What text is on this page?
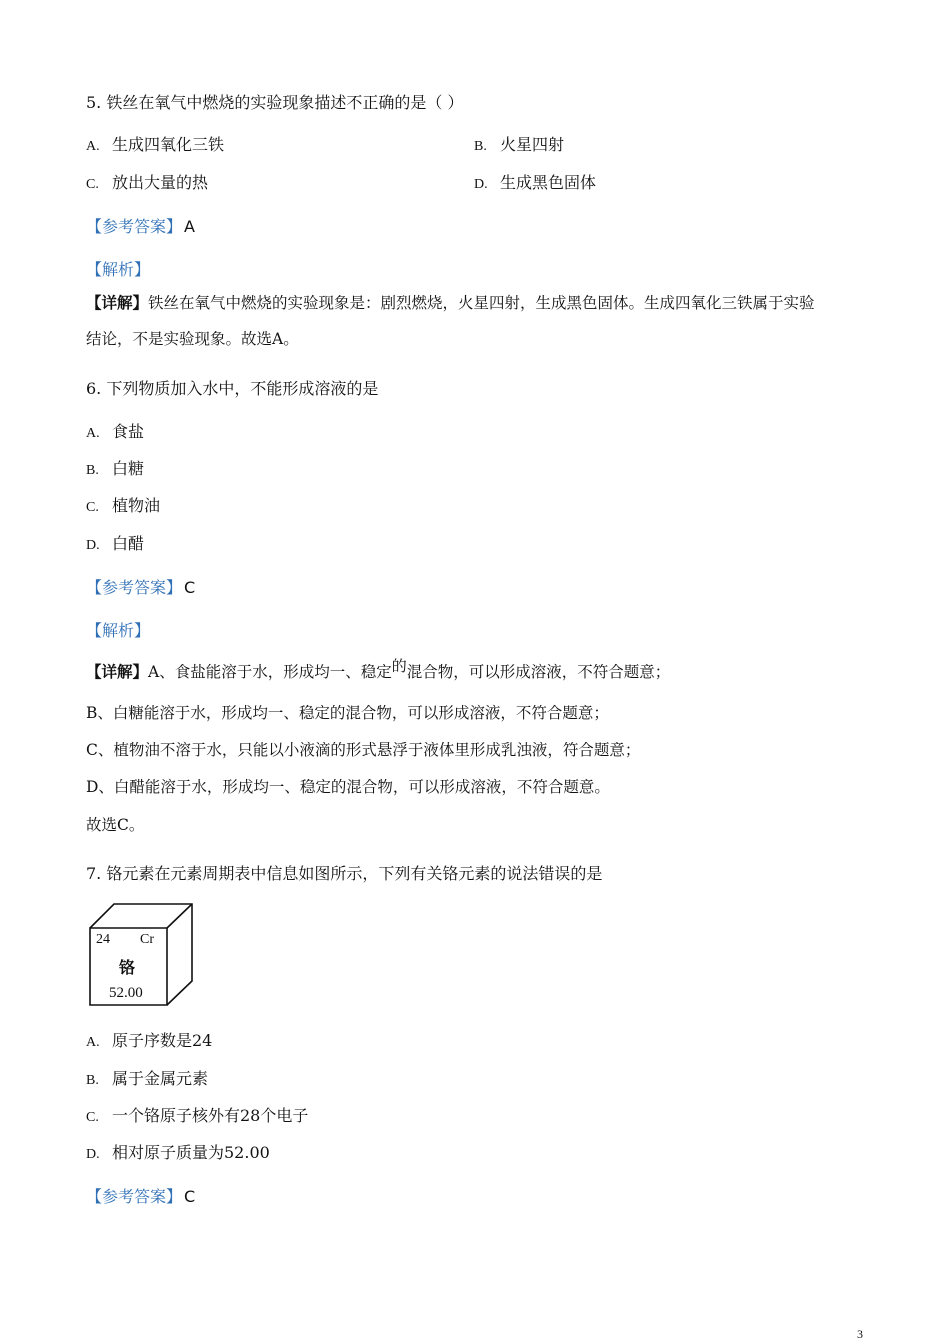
5. 铁丝在氧气中燃烧的实验现象描述不正确的是（ ）
A. 生成四氧化三铁	B. 火星四射
C. 放出大量的热	D. 生成黑色固体
【参考答案】 A
【解析】
【详解】铁丝在氧气中燃烧的实验现象是：剧烈燃烧，火星四射，生成黑色固体。生成四氧化三铁属于实验
结论，不是实验现象。故选A。
6. 下列物质加入水中，不能形成溶液的是
A. 食盐
B. 白糖
C. 植物油
D. 白醋
【参考答案】 C
【解析】
【详解】A、食盐能溶于水，形成均一、稳定的混合物，可以形成溶液，不符合题意；
B、白糖能溶于水，形成均一、稳定的混合物，可以形成溶液，不符合题意；
C、植物油不溶于水，只能以小液滴的形式悬浮于液体里形成乳浊液，符合题意；
D、白醋能溶于水，形成均一、稳定的混合物，可以形成溶液，不符合题意。
故选C。
7. 铬元素在元素周期表中信息如图所示，下列有关铬元素的说法错误的是
24 Cr
铬
52.00
A. 原子序数是24
B. 属于金属元素
C. 一个铬原子核外有28个电子
D. 相对原子质量为52.00
【参考答案】 C
3
